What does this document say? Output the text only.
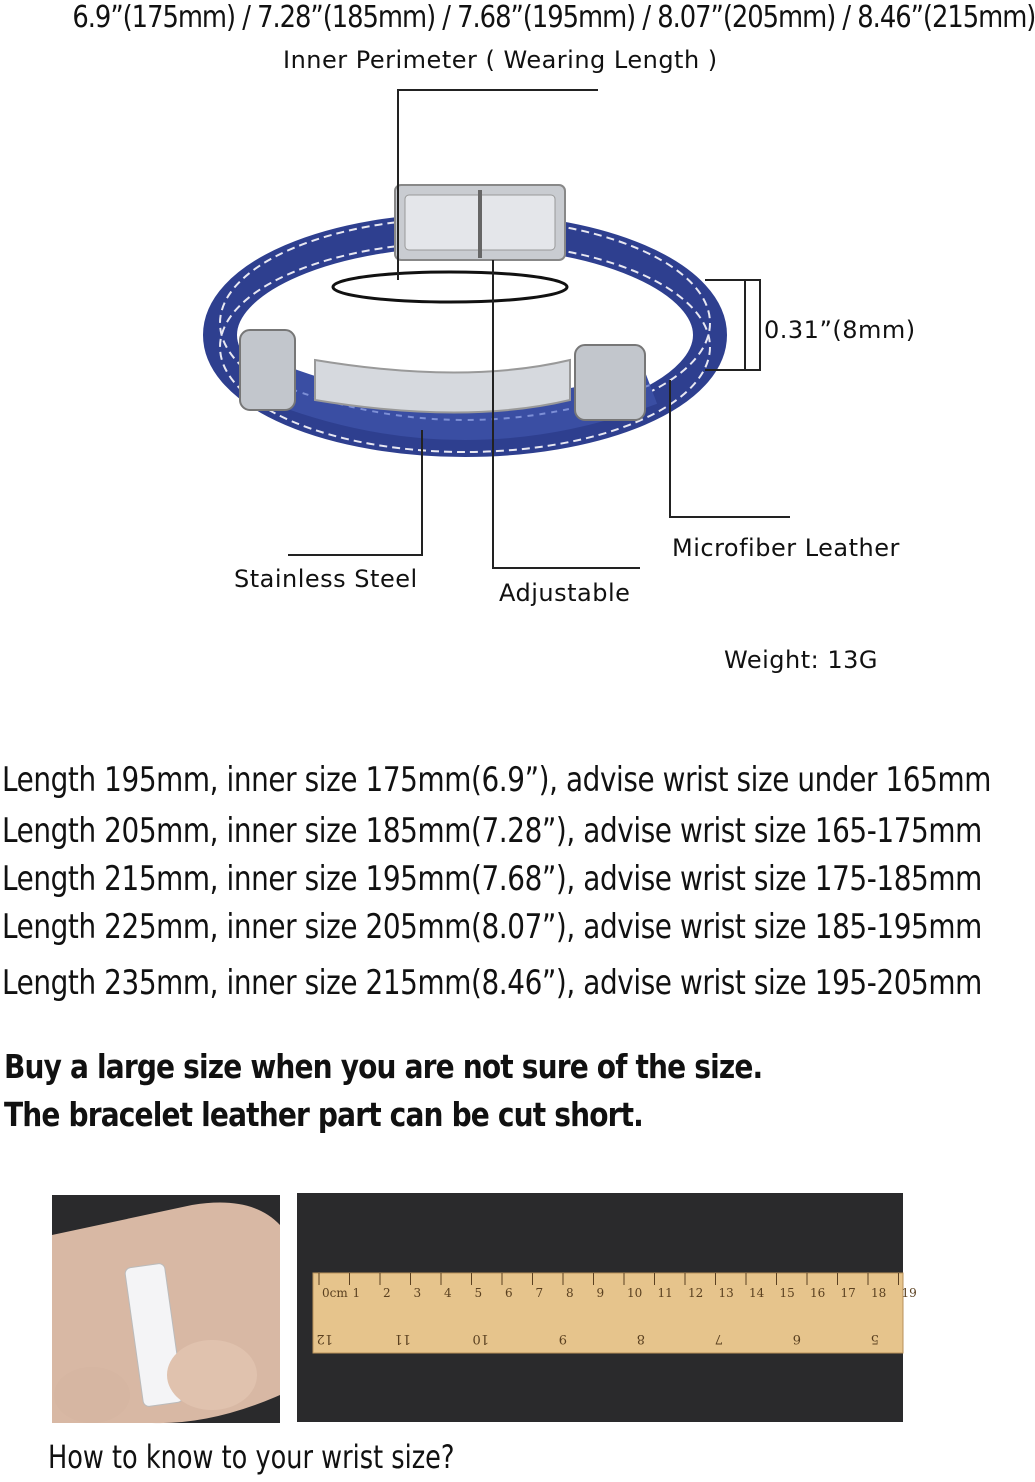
6.9”(175mm) / 7.28”(185mm) / 7.68”(195mm) / 8.07”(205mm) / 8.46”(215mm)
Inner Perimeter ( Wearing Length )
0.31”(8mm)
Microfiber Leather
Stainless Steel	Adjustable
Weight: 13G
Length 195mm, inner size 175mm(6.9”), advise wrist size under 165mm
Length 205mm, inner size 185mm(7.28”), advise wrist size 165-175mm
Length 215mm, inner size 195mm(7.68”), advise wrist size 175-185mm
Length 225mm, inner size 205mm(8.07”), advise wrist size 185-195mm
Length 235mm, inner size 215mm(8.46”), advise wrist size 195-205mm
Buy a large size when you are not sure of the size.
The bracelet leather part can be cut short.
0cm 1 2 3 4 5 6 7 8 9 10 11 12 13 14 15 16 17 18 19
12	11	10	9	8	7	6	5
How to know to your wrist size?
